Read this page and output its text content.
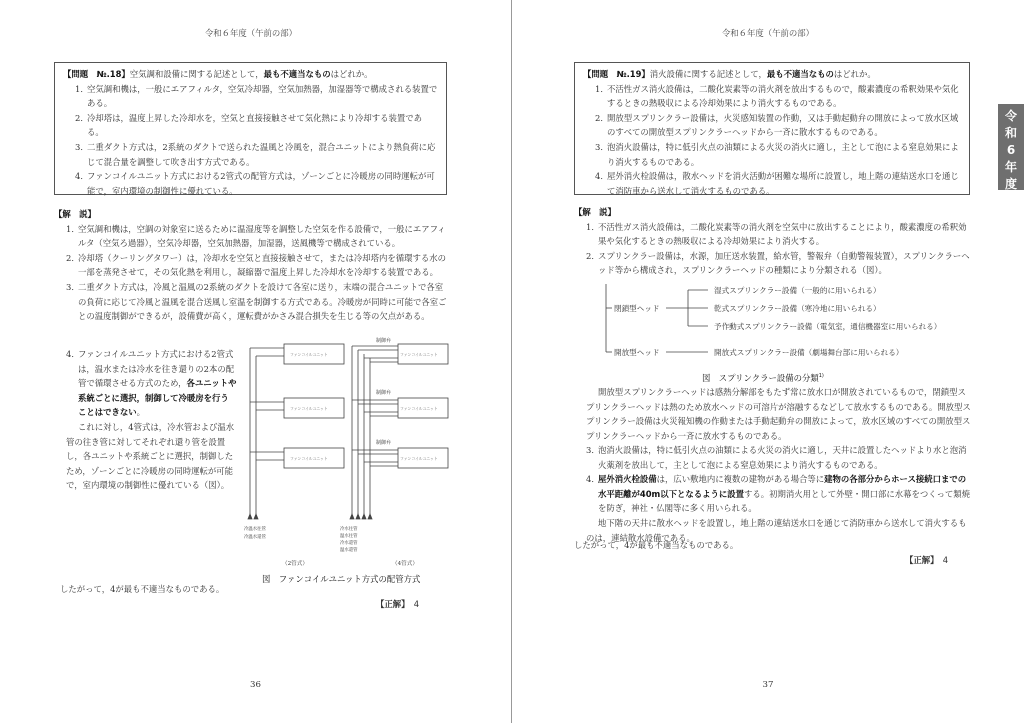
令和６年度（午前の部）
【問題　№.18】空気調和設備に関する記述として，最も不適当なものはどれか。
1．空気調和機は，一般にエアフィルタ，空気冷却器，空気加熱器，加湿器等で構成される装置である。
2．冷却塔は，温度上昇した冷却水を，空気と直接接触させて気化熱により冷却する装置である。
3．二重ダクト方式は，2系統のダクトで送られた温風と冷風を，混合ユニットにより熱負荷に応じて混合量を調整して吹き出す方式である。
4．ファンコイルユニット方式における2管式の配管方式は，ゾーンごとに冷暖房の同時運転が可能で，室内環境の制御性に優れている。
【解　説】
1．空気調和機は，空調の対象室に送るために温湿度等を調整した空気を作る設備で，一般にエアフィルタ（空気ろ過器），空気冷却器，空気加熱器，加湿器，送風機等で構成されている。
2．冷却塔（クーリングタワー）は，冷却水を空気と直接接触させて，または冷却塔内を循環する水の一部を蒸発させて，その気化熱を利用し，凝縮器で温度上昇した冷却水を冷却する装置である。
3．二重ダクト方式は，冷風と温風の2系統のダクトを設けて各室に送り，末端の混合ユニットで各室の負荷に応じて冷風と温風を混合送風し室温を制御する方式である。冷暖房が同時に可能で各室ごとの温度制御ができるが，設備費が高く，運転費がかさみ混合損失を生じる等の欠点がある。
4．ファンコイルユニット方式における2管式は，温水または冷水を往き還りの2本の配管で循環させる方式のため，各ユニットや系統ごとに選択，制御して冷暖房を行うことはできない。
これに対し，4管式は，冷水管および温水管の往き管に対してそれぞれ還り管を設置し，各ユニットや系統ごとに選択，制御したため，ゾーンごとに冷暖房の同時運転が可能で，室内環境の制御性に優れている（図）。
ファンコイルユニット
ファンコイルユニット
ファンコイルユニット
ファンコイルユニット
ファンコイルユニット
ファンコイルユニット
制御弁
制御弁
制御弁
冷温水往管
冷温水還管
冷水往管
温水往管
冷水還管
温水還管
（2管式）	（4管式）
図　ファンコイルユニット方式の配管方式
したがって，4が最も不適当なものである。
【正解】　 4
36
令和６年度（午前の部）
令
和
6
年
度
【問題　№.19】消火設備に関する記述として，最も不適当なものはどれか。
1．不活性ガス消火設備は，二酸化炭素等の消火剤を放出するもので，酸素濃度の希釈効果や気化するときの熱吸収による冷却効果により消火するものである。
2．開放型スプリンクラー設備は，火災感知装置の作動，又は手動起動弁の開放によって放水区域のすべての開放型スプリンクラーヘッドから一斉に散水するものである。
3．泡消火設備は，特に低引火点の油類による火災の消火に適し，主として泡による窒息効果により消火するものである。
4．屋外消火栓設備は，散水ヘッドを消火活動が困難な場所に設置し，地上階の連結送水口を通じて消防車から送水して消火するものである。
【解　説】
1．不活性ガス消火設備は，二酸化炭素等の消火剤を空気中に放出することにより，酸素濃度の希釈効果や気化するときの熱吸収による冷却効果により消火する。
2．スプリンクラー設備は，水源，加圧送水装置，給水管，警報弁（自動警報装置），スプリンクラーヘッド等から構成され，スプリンクラーヘッドの種類により分類される（図）。
閉鎖型ヘッド
開放型ヘッド
湿式スプリンクラー設備（一般的に用いられる）
乾式スプリンクラー設備（寒冷地に用いられる）
予作動式スプリンクラー設備（電気室，通信機器室に用いられる）
開放式スプリンクラー設備（劇場舞台部に用いられる）
図　スプリンクラー設備の分類$^{1)}$
開放型スプリンクラーヘッドは感熱分解部をもたず常に放水口が開放されているもので，閉鎖型スプリンクラーヘッドは熱のため放水ヘッドの可溶片が溶融するなどして放水するものである。開放型スプリンクラー設備は火災報知機の作動または手動起動弁の開放によって，放水区域のすべての開放型スプリンクラーヘッドから一斉に放水するものである。
3．泡消火設備は，特に低引火点の油類による火災の消火に適し，天井に設置したヘッドより水と泡消火薬剤を放出して，主として泡による窒息効果により消火するものである。
4．屋外消火栓設備は，広い敷地内に複数の建物がある場合等に建物の各部分からホース接続口までの水平距離が40m以下となるように設置する。初期消火用として外壁・開口部に水幕をつくって類焼を防ぎ，神社・仏閣等に多く用いられる。
地下階の天井に散水ヘッドを設置し，地上階の連結送水口を通じて消防車から送水して消火するものは，連結散水設備である。
したがって，4が最も不適当なものである。
【正解】　 4
37
